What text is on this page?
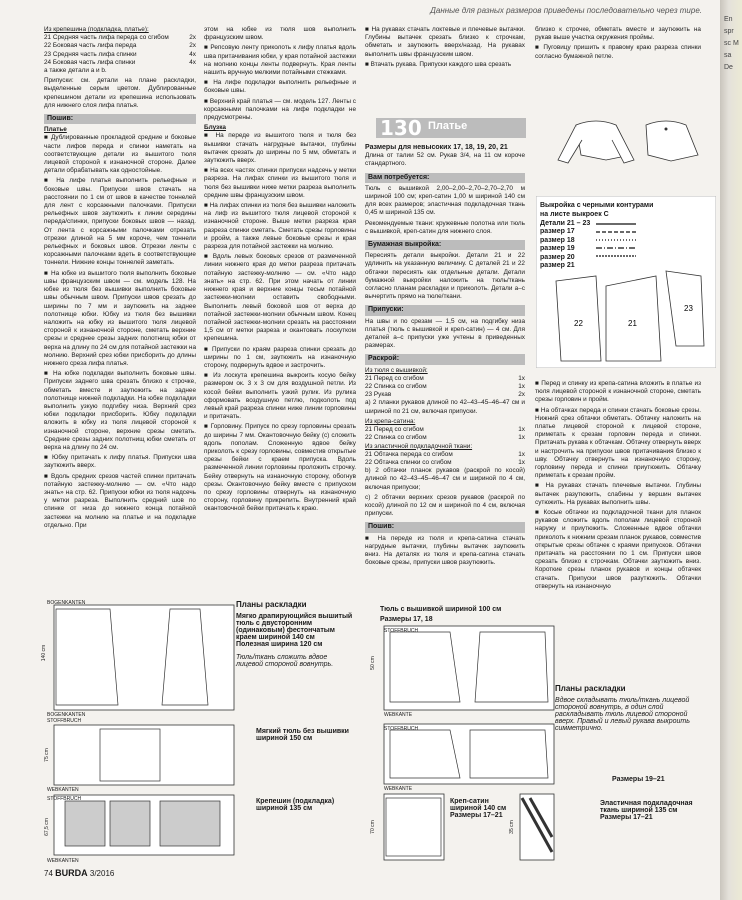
Данные для разных размеров приведены последовательно через тире.
Из крепешина (подкладка, платье):
21 Средняя часть лифа переда со сгибом	2x
22 Боковая часть лифа переда	2x
23 Средняя часть лифа спинки	4x
24 Боковая часть лифа спинки	4x

а также детали a и b.

Припуски: см. детали на плане раскладки, выделенные серым цветом. Дублированные крепешином детали из крепешина использовать для нижнего слоя лифа платья.

Пошив:
Платье

■ Дублированные прокладкой средние и боковые части лифов переда и спинки наметать на соответствующие детали из вышитого тюля лицевой стороной к изнаночной стороне. Далее детали обрабатывать как одностойные.

■ На лифе платья выполнить рельефные и боковые швы. Припуски швов стачать на расстоянии по 1 см от швов в качестве тоннелей для лент с корсажными палочками. Припуски рельефных швов заутюжить к линии середины переда/спинки, припуски боковых швов — назад. От лента с корсажными палочками отрезать отрезки длиной на 5 мм короче, чем тоннели рельефных и боковых швов. Отрезки ленты с корсажными палочками вдеть в соответствующие тоннели. Нижние концы тоннелей заметать.

■ На юбке из вышитого тюля выполнить боковые швы французским швом — см. модель 128. На юбке из тюля без вышивки выполнить боковые швы обычным швом. Припуски швов срезать до ширины по 7 мм и заутюжить на заднее полотнище юбки. Юбку из тюля без вышивки наложить на юбку из вышитого тюля лицевой стороной к изнаночной стороне, сметать верхние срезы и среднее срезы задних полотнищ юбки от верха на длину по 24 см для потайной застежки на молнию. Верхний срез юбки присборить до длины нижнего среза лифа платья.

■ На юбке подкладки выполнить боковые швы. Припуски заднего шва срезать близко к строчке, обметать вместе и заутюжить на заднее полотнище нижней подкладки. На юбке подкладки выполнить узкую подгибку низа. Верхний срез юбки подкладки присборить. Юбку подкладки вложить в юбку из тюля лицевой стороной к изнаночной стороне, верхние срезы сметать. Средние срезы задних полотнищ юбки сметать от верха на длину по 24 см.

■ Юбку притачать к лифу платья. Припуски шва заутюжить вверх.

■ Вдоль средних срезов частей спинки притачать потайную застежку-молнию — см. «Что надо знать» на стр. 62. Припуски юбки из тюля надсечь у метки разреза. Выполнить средний шов по спинке от низа до нижнего конца потайной застежки на молнию на платье и на подкладке отдельно. При

этом на юбке из тюля шов выполнить французским швом.

■ Репсовую ленту приколоть к лифу платья вдоль шва притачивания юбки, у края потайной застежки на молнию концы ленты подвернуть. Края ленты нашить вручную мелкими потайными стежками.

■ На лифе подкладки выполнить рельефные и боковые швы.

■ Верхний край платья — см. модель 127. Ленты с корсажными палочками на лифе подкладки не предусмотрены.

Блузка

■ На переде из вышитого тюля и тюля без вышивки стачать нагрудные вытачки, глубины вытачек срезать до ширины по 5 мм, обметать и заутюжить вверх.

■ На всех частях спинки припуски надсечь у метки разреза. На лифах спинки из вышитого тюля и тюля без вышивки ниже метки разреза выполнить средние швы французским швом.

■ На лифах спинки из тюля без вышивки наложить на лиф из вышитого тюля лицевой стороной к изнаночной стороне. Выше метки разреза края разреза спинки сметать. Сметать срезы горловины и рройм, а также левые боковые срезы и края разреза для потайной застежки на молнию.

■ Вдоль левых боковых срезов от размеченной линии нижнего края до метки разреза притачать потайную застежку-молнию — см. «Что надо знать» на стр. 62. При этом начать от линии нижнего края и верхние концы тесьм потайной застежки-молнии оставить свободными. Выполнить левый боковой шов от верха до потайной застежки-молнии обычным швом. Конец потайной застежки-молнии срезать на расстоянии 1,5 см от метки разреза и окантовать лоскутком крепешина.

■ Припуски по краям разреза спинки срезать до ширины по 1 см, заутюжить на изнаночную сторону, подвернуть вдвое и застрочить.

■ Из лоскута крепешина выкроить косую бейку размером ок. 3 х 3 см для воздушной петли. Из косой бейки выполнить узкий рулик. Из рулика сформовать воздушную петлю, подколоть под левый край разреза спинки ниже линии горловины и притачать.

■ Горловину. Припуск по срезу горловины срезать до ширины 7 мм. Окантовочную бейку (с) сложить вдоль пополам. Сложенную вдвое бейку приколоть к срезу горловины, совместив открытые срезы бейки с краем припуска. Вдоль размеченной линии горловины проложить строчку. Бейку отвернуть на изнаночную сторону, обогнув срезы. Окантовочную бейку вместе с припуском по срезу горловины отвернуть на изнаночную сторону, горловину прикрепить. Внутренний край окантовочной бейки притачать к краю.

■ На рукавах стачать локтевые и плечевые вытачки. Глубины вытачек срезать близко к строчкам, обметать и заутюжить вверх/назад. На рукавах выполнить швы французским швом.

■ Втачать рукава. Припуски каждого шва срезать

130 Платье
Размеры для невысоких 17, 18, 19, 20, 21

Длина от талии 52 см. Рукав 3/4, на 11 см короче стандартного.

Вам потребуется:

Тюль с вышивкой 2,00–2,00–2,70–2,70–2,70 м шириной 100 см; креп-сатин 1,00 м шириной 140 см для всех размеров; эластичная подкладочная ткань 0,45 м шириной 135 см.

Рекомендуемые ткани: кружевные полотна или тюль с вышивкой, креп-сатин для нижнего слоя.

Бумажная выкройка:

Пересиять детали выкройки. Детали 21 и 22 удлинить на указанную величину. С деталей 21 и 22 обтачки пересиять как отдельные детали. Детали бумажной выкройки наложить на тюль/ткань согласно планам раскладки и приколоть. Детали a–c вычертить прямо на тюле/ткани.

Припуски:

На швы и по срезам — 1,5 см, на подгибку низа платья (тюль с вышивкой и креп-сатин) — 4 см. Для деталей a–c припуски уже учтены в приведенных размерах.

Раскрой:
Из тюля с вышивкой:
21 Перед со сгибом	1x
22 Спинка со сгибом	1x
23 Рукав	2x

а) 2 планки рукавов длиной по 42–43–45–46–47 см и шириной по 21 см, включая припуски.

Из крепа-сатина:
21 Перед со сгибом	1x
22 Спинка со сгибом	1x
Из эластичной подкладочной ткани:
21 Обтачка переда со сгибом	1x
22 Обтачка спинки со сгибом	1x

b) 2 обтачки планок рукавов (раскрой по косой) длиной по 42–43–45–46–47 см и шириной по 4 см, включая припуски;

c) 2 обтачки верхних срезов рукавов (раскрой по косой) длиной по 12 см и шириной по 4 см, включая припуски.

Пошив:

■ На переде из тюля и крепа-сатина стачать нагрудные вытачки, глубины вытачек заутюжить вниз. На деталях из тюля и крепа-сатина стачать боковые срезы, припуски швов разутюжить.

близко к строчке, обметать вместе и заутюжить на рукав выше участка окружения проймы.

■ Пуговицу пришить к правому краю разреза спинки согласно бумажной петле.

22	21
23
Выкройка с черными контурами на листе выкроек С
Детали 21 – 23
размер 17
размер 18
размер 19
размер 20
размер 21

■ Перед и спинку из крепа-сатина вложить в платье из тюля лицевой стороной к изнаночной стороне, сметать срезы горловин и пройм.

■ На обтачках переда и спинки стачать боковые срезы. Нижний срез обтачки обметать. Обтачку наложить на платье лицевой стороной к лицевой стороне, приметать к срезам горловин переда и спинки. Притачать рукава к обтачкам. Обтачку отвернуть вверх и настрочить на припуски швов притачивания близко к шву. Обтачку отвернуть на изнаночную сторону, горловину переда и спинки приутюжить. Обтачку приметать к срезам пройм.

■ На рукавах стачать плечевые вытачки. Глубины вытачек разутюжить, слабины у вершин вытачек сутюжить. На рукавах выполнить швы.

■ Косые обтачки из подкладочной ткани для планок рукавов сложить вдоль пополам лицевой стороной наружу и приутюжить. Сложенные вдвое обтачки приколоть к нижним срезам планок рукавов, совместив открытые срезы обтачек с краями припусков. Обтачки притачать на расстоянии по 1 см. Припуски швов срезать близко к строчкам. Обтачки заутюжить вниз. Короткие срезы планок рукавов и концы обтачек стачать. Припуски швов разутюжить. Обтачки отвернуть на изнаночную

BOGENKANTEN
BOGENKANTEN
STOFFBRUCH
WEBKANTEN
STOFFBRUCH
WEBKANTEN
140 cm
75 cm
67,5 cm
Планы раскладки
Мягко драпирующийся вышитый тюль с двусторонним (одинаковым) фестончатым краем шириной 140 см
Полезная ширина 120 см
Тюль/ткань сложить вдвое лицевой стороной вовнутрь.
Мягкий тюль без вышивки шириной 150 см
Крепешин (подкладка) шириной 135 см
Тюль с вышивкой шириной 100 см
Размеры 17, 18
STOFFBRUCH
WEBKANTE
STOFFBRUCH
WEBKANTE
50 cm
70 cm	35 cm
Планы раскладки
Вдвое складывать тюль/ткань лицевой стороной вовнутрь, в один слой раскладывать тюль лицевой стороной вверх. Правый и левый рукава выкроить симметрично.
Размеры 19–21
Креп-сатин шириной 140 см Размеры 17–21
Эластичная подкладочная ткань шириной 135 см Размеры 17–21
74 BURDA 3/2016
En spr sc M sa De
